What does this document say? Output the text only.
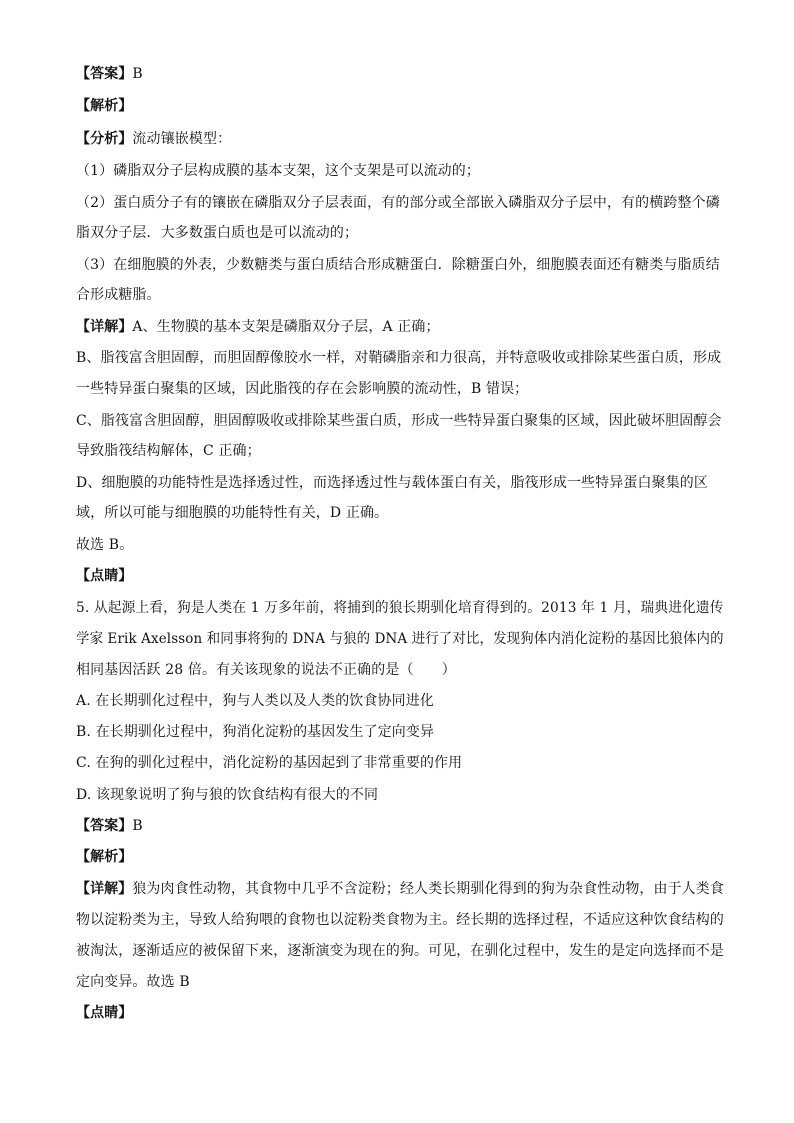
【答案】B
【解析】
【分析】流动镶嵌模型：
（1）磷脂双分子层构成膜的基本支架，这个支架是可以流动的；
（2）蛋白质分子有的镶嵌在磷脂双分子层表面，有的部分或全部嵌入磷脂双分子层中，有的横跨整个磷
脂双分子层．大多数蛋白质也是可以流动的；
（3）在细胞膜的外表，少数糖类与蛋白质结合形成糖蛋白．除糖蛋白外，细胞膜表面还有糖类与脂质结
合形成糖脂。
【详解】A、生物膜的基本支架是磷脂双分子层，A 正确；
B、脂筏富含胆固醇，而胆固醇像胶水一样，对鞘磷脂亲和力很高，并特意吸收或排除某些蛋白质，形成
一些特异蛋白聚集的区域，因此脂筏的存在会影响膜的流动性，B 错误；
C、脂筏富含胆固醇，胆固醇吸收或排除某些蛋白质，形成一些特异蛋白聚集的区域，因此破坏胆固醇会
导致脂筏结构解体，C 正确；
D、细胞膜的功能特性是选择透过性，而选择透过性与载体蛋白有关，脂筏形成一些特异蛋白聚集的区
域，所以可能与细胞膜的功能特性有关，D 正确。
故选 B。
【点睛】
5. 从起源上看，狗是人类在 1 万多年前，将捕到的狼长期驯化培育得到的。2013 年 1 月，瑞典进化遗传
学家 Erik Axelsson 和同事将狗的 DNA 与狼的 DNA 进行了对比，发现狗体内消化淀粉的基因比狼体内的
相同基因活跃 28 倍。有关该现象的说法不正确的是（　　）
A. 在长期驯化过程中，狗与人类以及人类的饮食协同进化
B. 在长期驯化过程中，狗消化淀粉的基因发生了定向变异
C. 在狗的驯化过程中，消化淀粉的基因起到了非常重要的作用
D. 该现象说明了狗与狼的饮食结构有很大的不同
【答案】B
【解析】
【详解】狼为肉食性动物，其食物中几乎不含淀粉；经人类长期驯化得到的狗为杂食性动物，由于人类食
物以淀粉类为主，导致人给狗喂的食物也以淀粉类食物为主。经长期的选择过程，不适应这种饮食结构的
被淘汰，逐渐适应的被保留下来，逐渐演变为现在的狗。可见，在驯化过程中，发生的是定向选择而不是
定向变异。故选 B
【点睛】
